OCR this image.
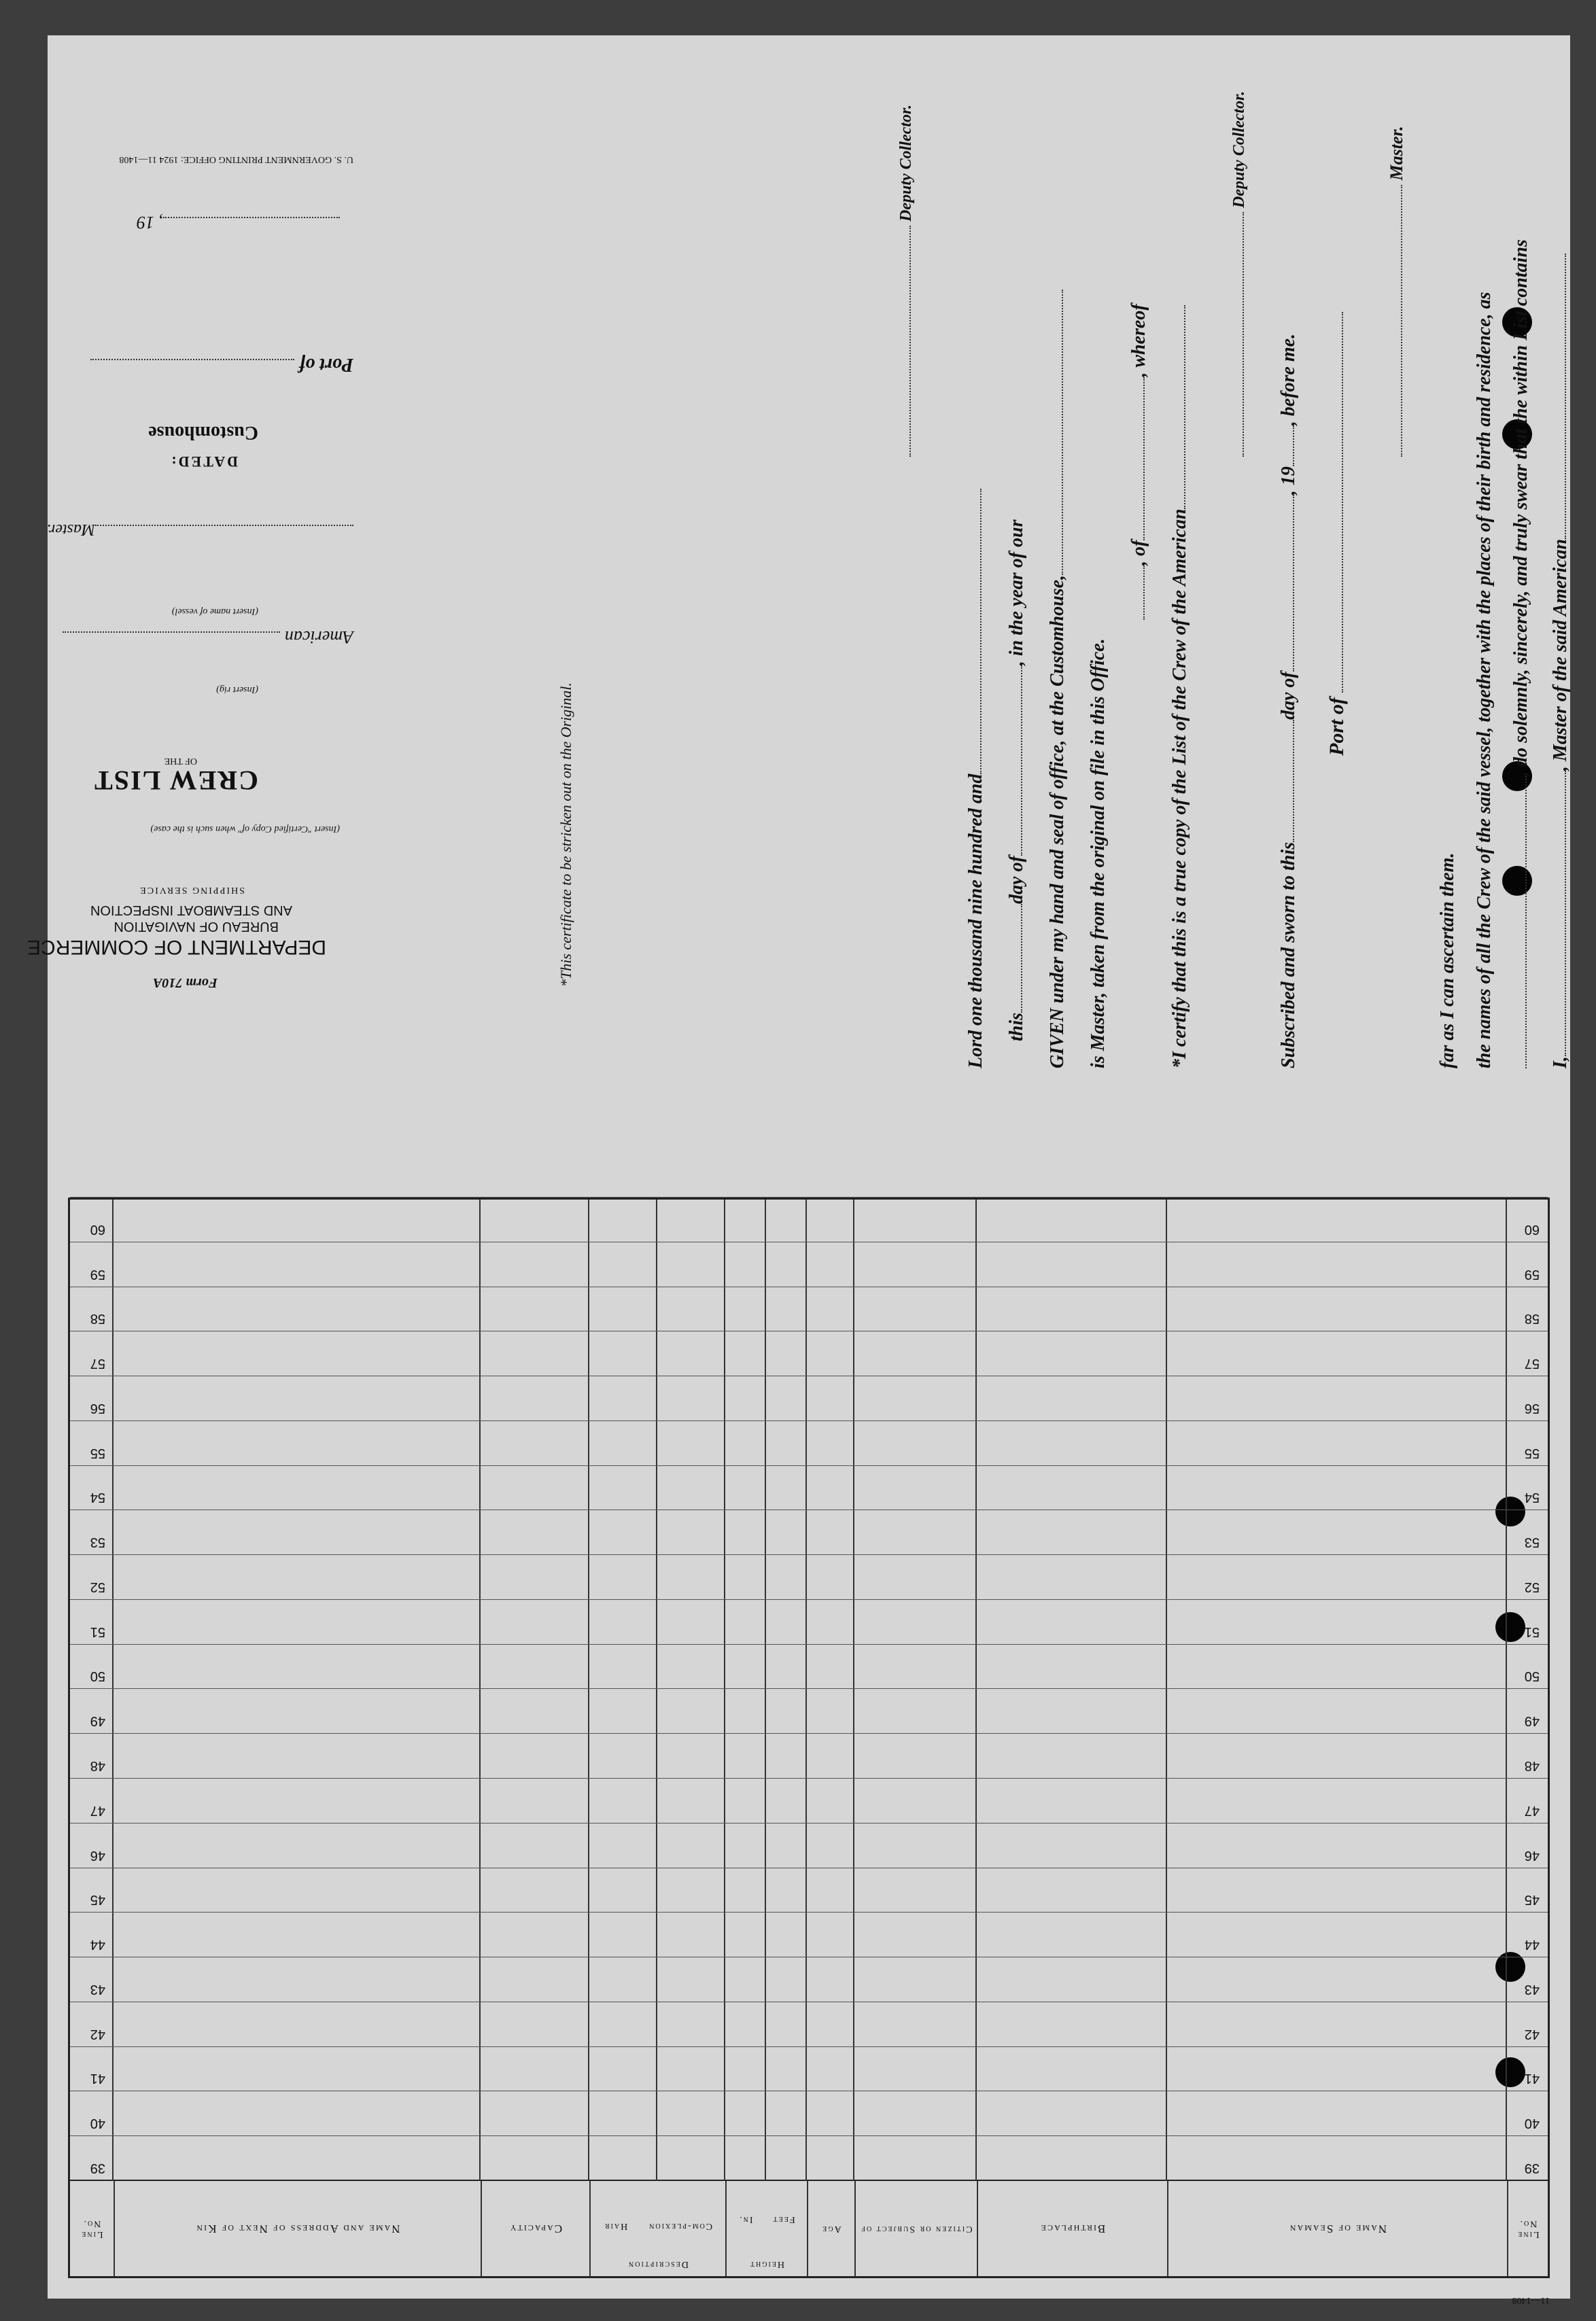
U. S. GOVERNMENT PRINTING OFFICE: 1924 11—1408
, 19
Port of
Customhouse
DATED:
Master.
(Insert name of vessel)
American
(Insert rig)
OF THE
CREW LIST
(Insert "Certified Copy of" when such is the case)
SHIPPING SERVICE
AND STEAMBOAT INSPECTION
BUREAU OF NAVIGATION
DEPARTMENT OF COMMERCE
Form 710A	*This certificate to be stricken out on the Original.
I,, Master of the said American
, do solemnly, sincerely, and truly swear that the within List contains
the names of all the Crew of the said vessel, together with the places of their birth and residence, as
far as I can ascertain them.
Master.
Port of
Subscribed and sworn to thisday of, 19, before me.
Deputy Collector.
*I certify that this is a true copy of the List of the Crew of the American
, of, whereof
is Master, taken from the original on file in this Office.
GIVEN under my hand and seal of office, at the Customhouse,
thisday of, in the year of our
Lord one thousand nine hundred and
Deputy Collector.
11—1408
Line No.
Name of Seaman
Birthplace
Citizen or Subject of
Age
Height
Feet
In.
Description
Com-plexion
Hair
Capacity
Name and Address of Next of Kin
Line No.
39
39
40
40
41
41
42
42
43
43
44
44
45
45
46
46
47
47
48
48
49
49
50
50
51
51
52
52
53
53
54
54
55
55
56
56
57
57
58
58
59
59
60
60
